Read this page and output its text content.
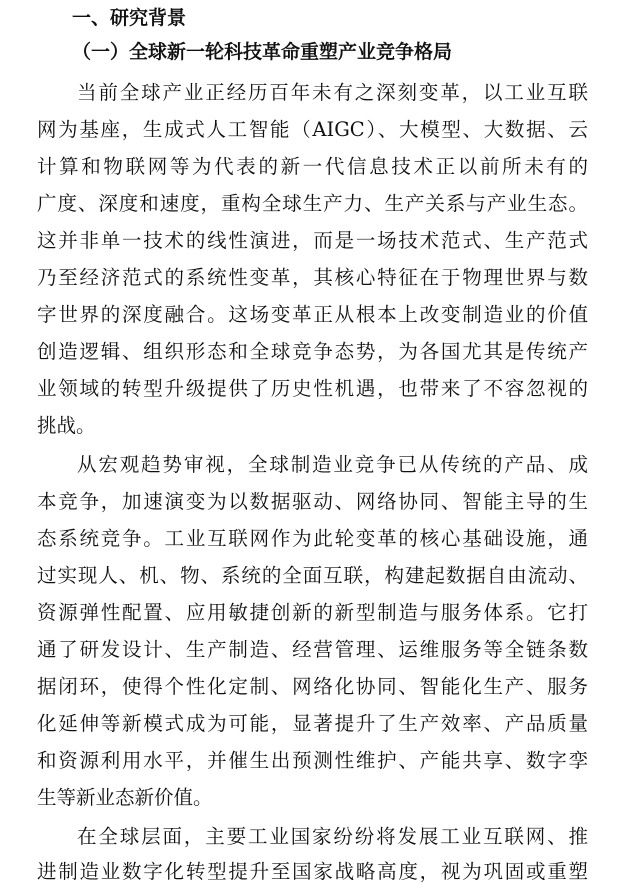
一、研究背景
（一）全球新一轮科技革命重塑产业竞争格局
当前全球产业正经历百年未有之深刻变革，以工业互联
网为基座，生成式人工智能（AIGC）、大模型、大数据、云
计算和物联网等为代表的新一代信息技术正以前所未有的
广度、深度和速度，重构全球生产力、生产关系与产业生态。
这并非单一技术的线性演进，而是一场技术范式、生产范式
乃至经济范式的系统性变革，其核心特征在于物理世界与数
字世界的深度融合。这场变革正从根本上改变制造业的价值
创造逻辑、组织形态和全球竞争态势，为各国尤其是传统产
业领域的转型升级提供了历史性机遇，也带来了不容忽视的
挑战。
从宏观趋势审视，全球制造业竞争已从传统的产品、成
本竞争，加速演变为以数据驱动、网络协同、智能主导的生
态系统竞争。工业互联网作为此轮变革的核心基础设施，通
过实现人、机、物、系统的全面互联，构建起数据自由流动、
资源弹性配置、应用敏捷创新的新型制造与服务体系。它打
通了研发设计、生产制造、经营管理、运维服务等全链条数
据闭环，使得个性化定制、网络化协同、智能化生产、服务
化延伸等新模式成为可能，显著提升了生产效率、产品质量
和资源利用水平，并催生出预测性维护、产能共享、数字孪
生等新业态新价值。
在全球层面，主要工业国家纷纷将发展工业互联网、推
进制造业数字化转型提升至国家战略高度，视为巩固或重塑
